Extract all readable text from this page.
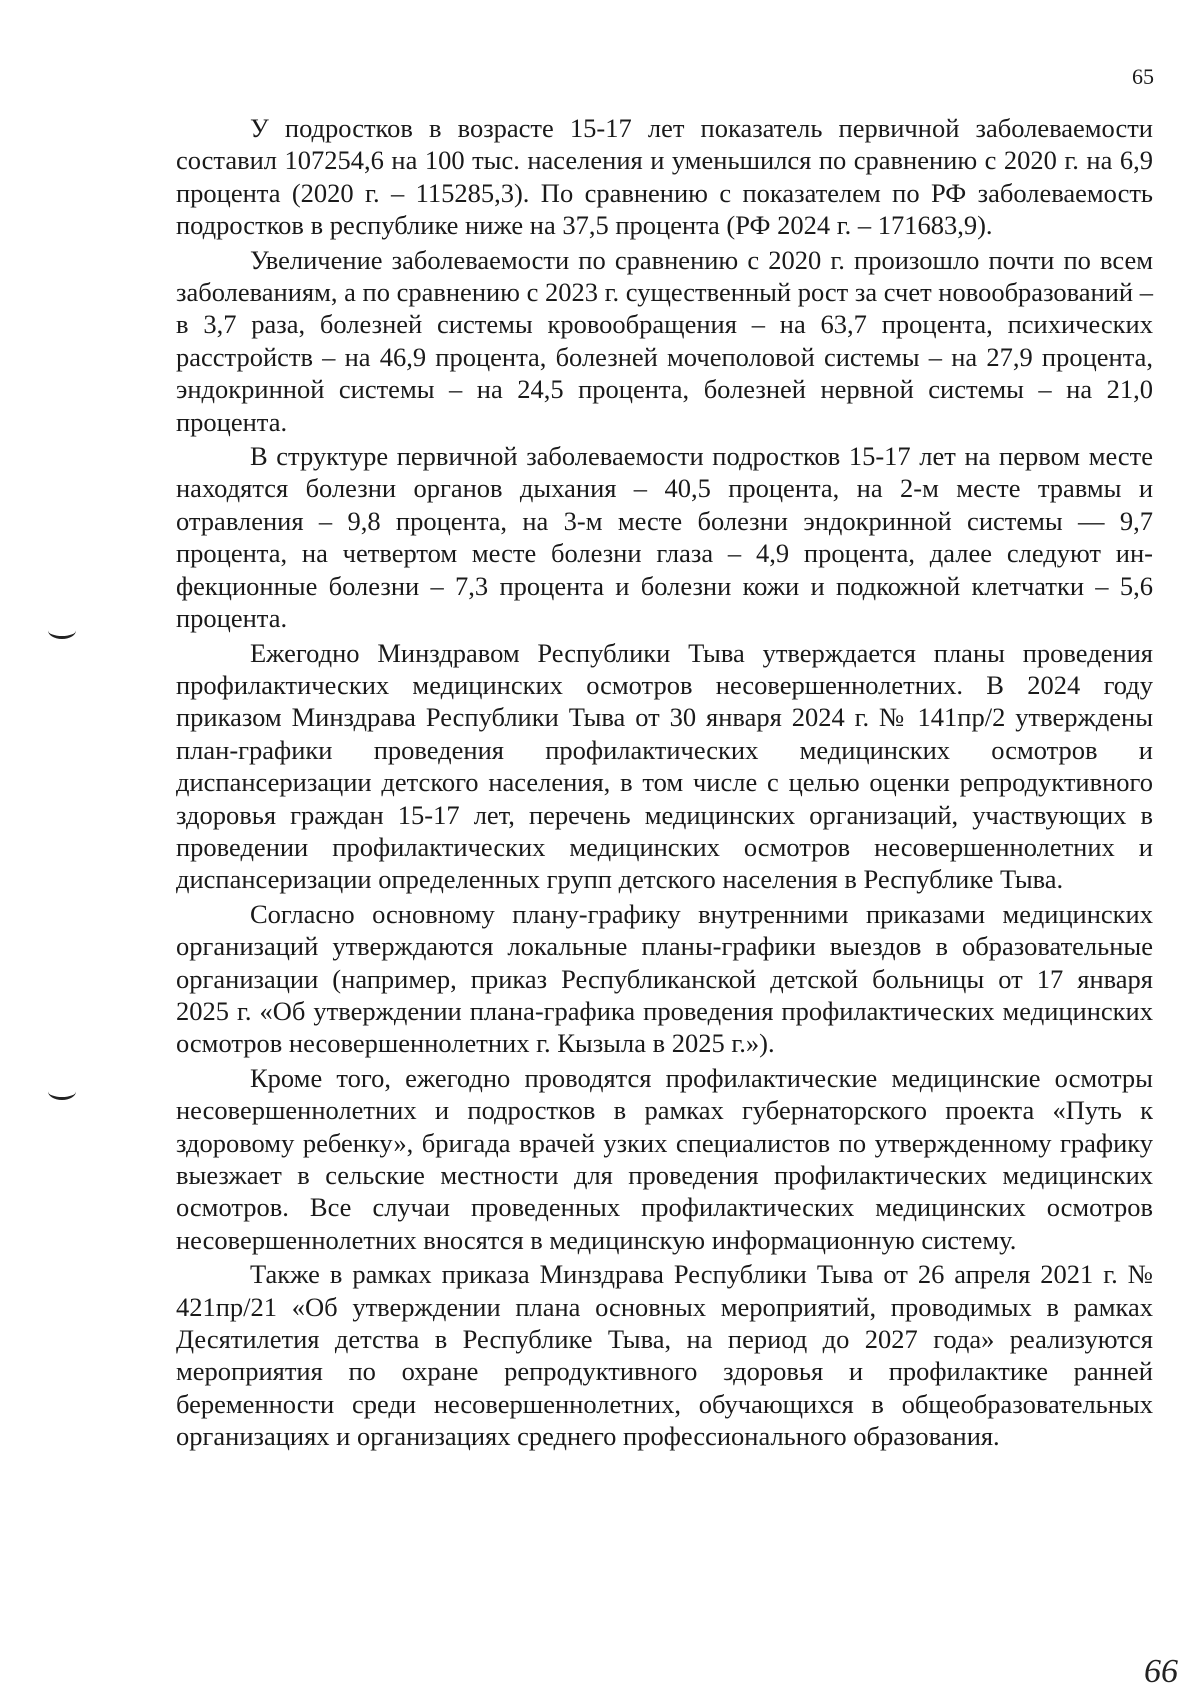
65

У подростков в возрасте 15-17 лет показатель первичной заболеваемости составил 107254,6 на 100 тыс. населения и уменьшился по сравнению с 2020 г. на 6,9 процента (2020 г. – 115285,3). По сравнению с показателем по РФ заболеваемость подростков в республике ниже на 37,5 процента (РФ 2024 г. – 171683,9).

Увеличение заболеваемости по сравнению с 2020 г. произошло почти по всем заболеваниям, а по сравнению с 2023 г. существенный рост за счет новообразований – в 3,7 раза, болезней системы кровообращения – на 63,7 процента, психических расстройств – на 46,9 процента, болезней мочеполовой системы – на 27,9 процента, эндокринной системы – на 24,5 процента, болезней нервной системы – на 21,0 процента.

В структуре первичной заболеваемости подростков 15-17 лет на первом месте находятся болезни органов дыхания – 40,5 процента, на 2-м месте травмы и отравления – 9,8 процента, на 3-м месте болезни эндокринной системы — 9,7 процента, на четвертом месте болезни глаза – 4,9 процента, далее следуют инфекционные болезни – 7,3 процента и болезни кожи и подкожной клетчатки – 5,6 процента.

Ежегодно Минздравом Республики Тыва утверждается планы проведения профилактических медицинских осмотров несовершеннолетних. В 2024 году приказом Минздрава Республики Тыва от 30 января 2024 г. № 141пр/2 утверждены план-графики проведения профилактических медицинских осмотров и диспансеризации детского населения, в том числе с целью оценки репродуктивного здоровья граждан 15-17 лет, перечень медицинских организаций, участвующих в проведении профилактических медицинских осмотров несовершеннолетних и диспансеризации определенных групп детского населения в Республике Тыва.

Согласно основному плану-графику внутренними приказами медицинских организаций утверждаются локальные планы-графики выездов в образовательные организации (например, приказ Республиканской детской больницы от 17 января 2025 г. «Об утверждении плана-графика проведения профилактических медицинских осмотров несовершеннолетних г. Кызыла в 2025 г.»).

Кроме того, ежегодно проводятся профилактические медицинские осмотры несовершеннолетних и подростков в рамках губернаторского проекта «Путь к здоровому ребенку», бригада врачей узких специалистов по утвержденному графику выезжает в сельские местности для проведения профилактических медицинских осмотров. Все случаи проведенных профилактических медицинских осмотров несовершеннолетних вносятся в медицинскую информационную систему.

Также в рамках приказа Минздрава Республики Тыва от 26 апреля 2021 г. № 421пр/21 «Об утверждении плана основных мероприятий, проводимых в рамках Десятилетия детства в Республике Тыва, на период до 2027 года» реализуются мероприятия по охране репродуктивного здоровья и профилактике ранней беременности среди несовершеннолетних, обучающихся в общеобразовательных организациях и организациях среднего профессионального образования.

66
